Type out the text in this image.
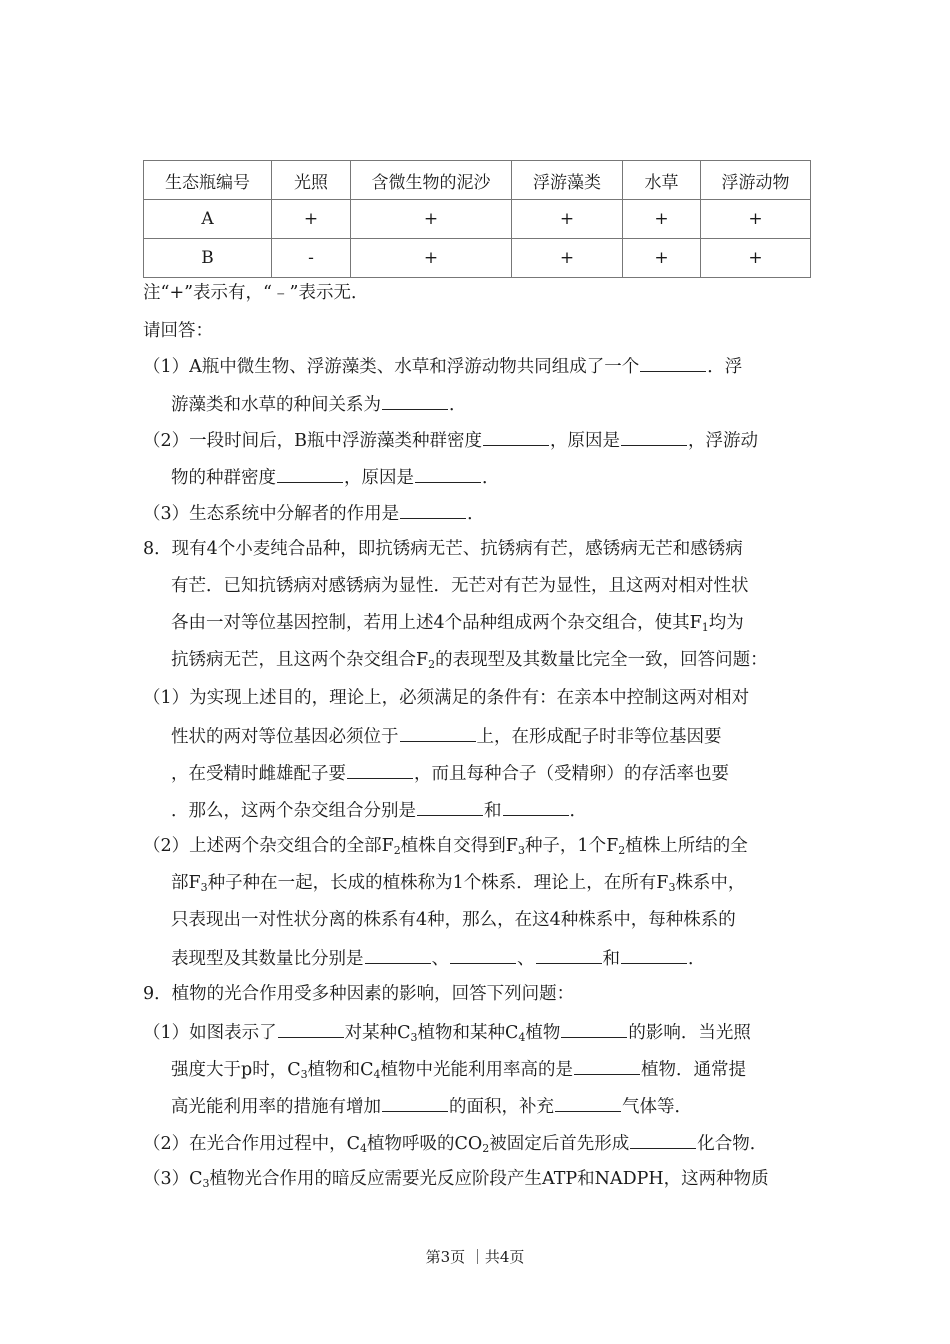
生态瓶编号	光照	含微生物的泥沙	浮游藻类	水草	浮游动物
A	+	+	+	+	+
B	-	+	+	+	+
注“+”表示有，“﹣”表示无．
请回答：
（1）A瓶中微生物、浮游藻类、水草和浮游动物共同组成了一个	．浮
游藻类和水草的种间关系为	．
（2）一段时间后，B瓶中浮游藻类种群密度	，原因是	，浮游动
物的种群密度	，原因是	．
（3）生态系统中分解者的作用是	．
8．现有4个小麦纯合品种，即抗锈病无芒、抗锈病有芒，感锈病无芒和感锈病
有芒．已知抗锈病对感锈病为显性．无芒对有芒为显性，且这两对相对性状
各由一对等位基因控制，若用上述4个品种组成两个杂交组合，使其$F_1$均为
抗锈病无芒，且这两个杂交组合$F_2$的表现型及其数量比完全一致，回答问题：
（1）为实现上述目的，理论上，必须满足的条件有：在亲本中控制这两对相对
性状的两对等位基因必须位于	上，在形成配子时非等位基因要
，在受精时雌雄配子要	，而且每种合子（受精卵）的存活率也要
．那么，这两个杂交组合分别是	和	．
（2）上述两个杂交组合的全部$F_2$植株自交得到$F_3$种子，1个$F_2$植株上所结的全
部$F_3$种子种在一起，长成的植株称为1个株系．理论上，在所有$F_3$株系中，
只表现出一对性状分离的株系有4种，那么，在这4种株系中，每种株系的
表现型及其数量比分别是	、	、	和	．
9．植物的光合作用受多种因素的影响，回答下列问题：
（1）如图表示了	对某种$C_3$植物和某种$C_4$植物	的影响．当光照
强度大于p时，$C_3$植物和$C_4$植物中光能利用率高的是	植物．通常提
高光能利用率的措施有增加	的面积，补充	气体等．
（2）在光合作用过程中，$C_4$植物呼吸的$CO_2$被固定后首先形成	化合物．
$(3)C_3$植物光合作用的暗反应需要光反应阶段产生ATP和NADPH，这两种物质
第3页 ｜共4页
